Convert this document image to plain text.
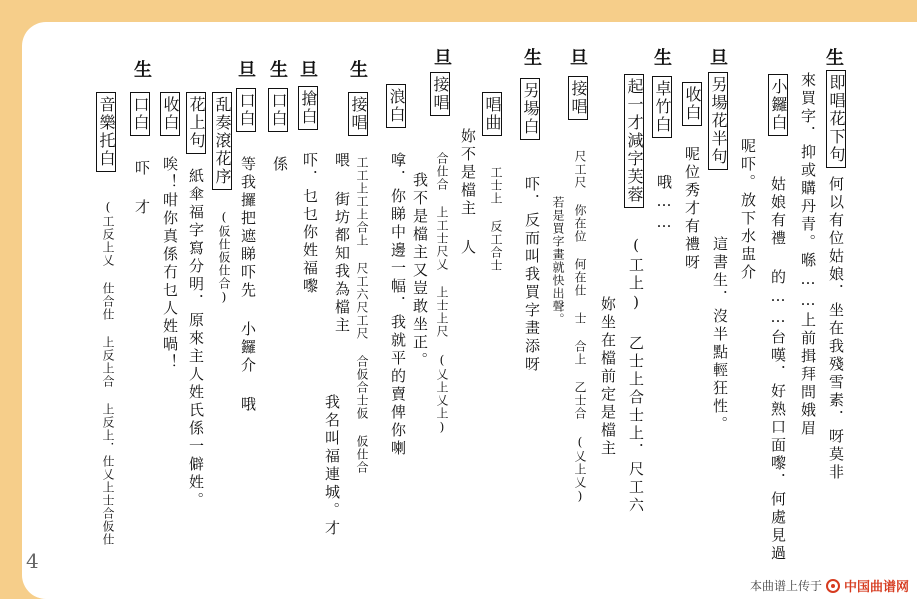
生
即唱花下句
何以有位姑娘．坐在我殘雪素．呀莫非
來買字．抑或購丹青。喺……上前揖拜問娥眉
小鑼白
姑娘有禮 的……台嘆．好熟口面嚟．何處見過
呢吓。放下水盅介
旦
另場花半句
這書生．沒半點輕狂性。
收白
呢位秀才有禮呀
生
卓竹白
哦……
起一才減字芙蓉
(工上) 乙士上合士上．尺工六
妳坐在檔前定是檔主
旦
接唱
尺工尺 你在位 何在仕 士 合上 乙士合 (乂上乂)
若是買字畫就快出聲。
生
另場白
吓．反而叫我買字畫添呀
唱曲
工士上 反工合士
妳不是檔主 人
旦
接唱
合仕合 上工士尺乂 上士上尺 (乂上乂上)
我不是檔主又豈敢坐正。
浪白
嗱．你睇中邊一幅．我就平的賣俾你喇
生
接唱
工工上工上合上 尺工六尺工尺 合仮合士仮 仮仕合
喂 街坊都知我為檔主
我名叫福連城。才
旦
搶白
吓．乜乜你姓福嚟
生
口白
係
旦
口白
等我攞把遮睇吓先 小鑼介 哦
乱奏滾花序
(仮仕仮仕合)
花上句
紙傘福字寫分明．原來主人姓氏係一僻姓。
收白
唉！咁你真係冇乜人姓喎！
生
口白
吓 才
音樂托白
(工反上乂 仕合仕 上反上合 上反上．仕乂上士合仮仕
4
本曲谱上传于 中国曲谱网
